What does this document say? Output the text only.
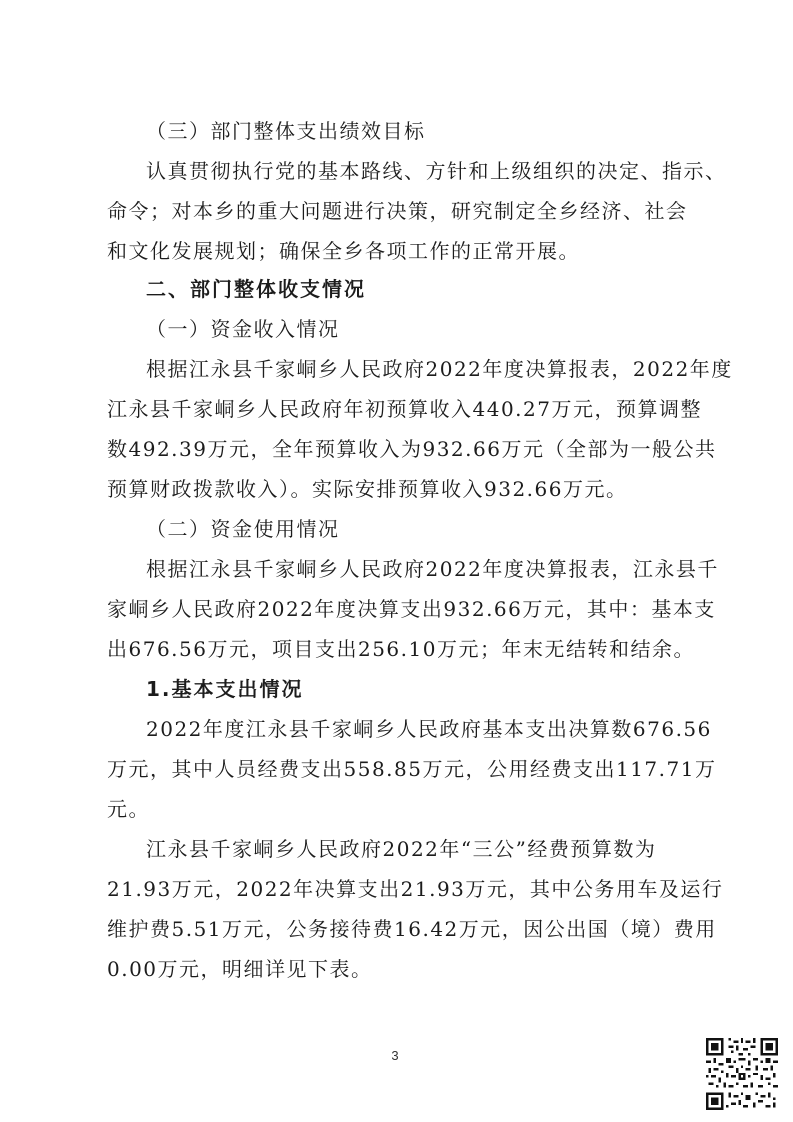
（三）部门整体支出绩效目标
认真贯彻执行党的基本路线、方针和上级组织的决定、指示、
命令；对本乡的重大问题进行决策，研究制定全乡经济、社会
和文化发展规划；确保全乡各项工作的正常开展。
二、部门整体收支情况
（一）资金收入情况
根据江永县千家峒乡人民政府2022年度决算报表，2022年度
江永县千家峒乡人民政府年初预算收入440.27万元，预算调整
数492.39万元，全年预算收入为932.66万元（全部为一般公共
预算财政拨款收入）。实际安排预算收入932.66万元。
（二）资金使用情况
根据江永县千家峒乡人民政府2022年度决算报表，江永县千
家峒乡人民政府2022年度决算支出932.66万元，其中：基本支
出676.56万元，项目支出256.10万元；年末无结转和结余。
1.基本支出情况
2022年度江永县千家峒乡人民政府基本支出决算数676.56
万元，其中人员经费支出558.85万元，公用经费支出117.71万
元。
江永县千家峒乡人民政府2022年“三公”经费预算数为
21.93万元，2022年决算支出21.93万元，其中公务用车及运行
维护费5.51万元，公务接待费16.42万元，因公出国（境）费用
0.00万元，明细详见下表。
3
